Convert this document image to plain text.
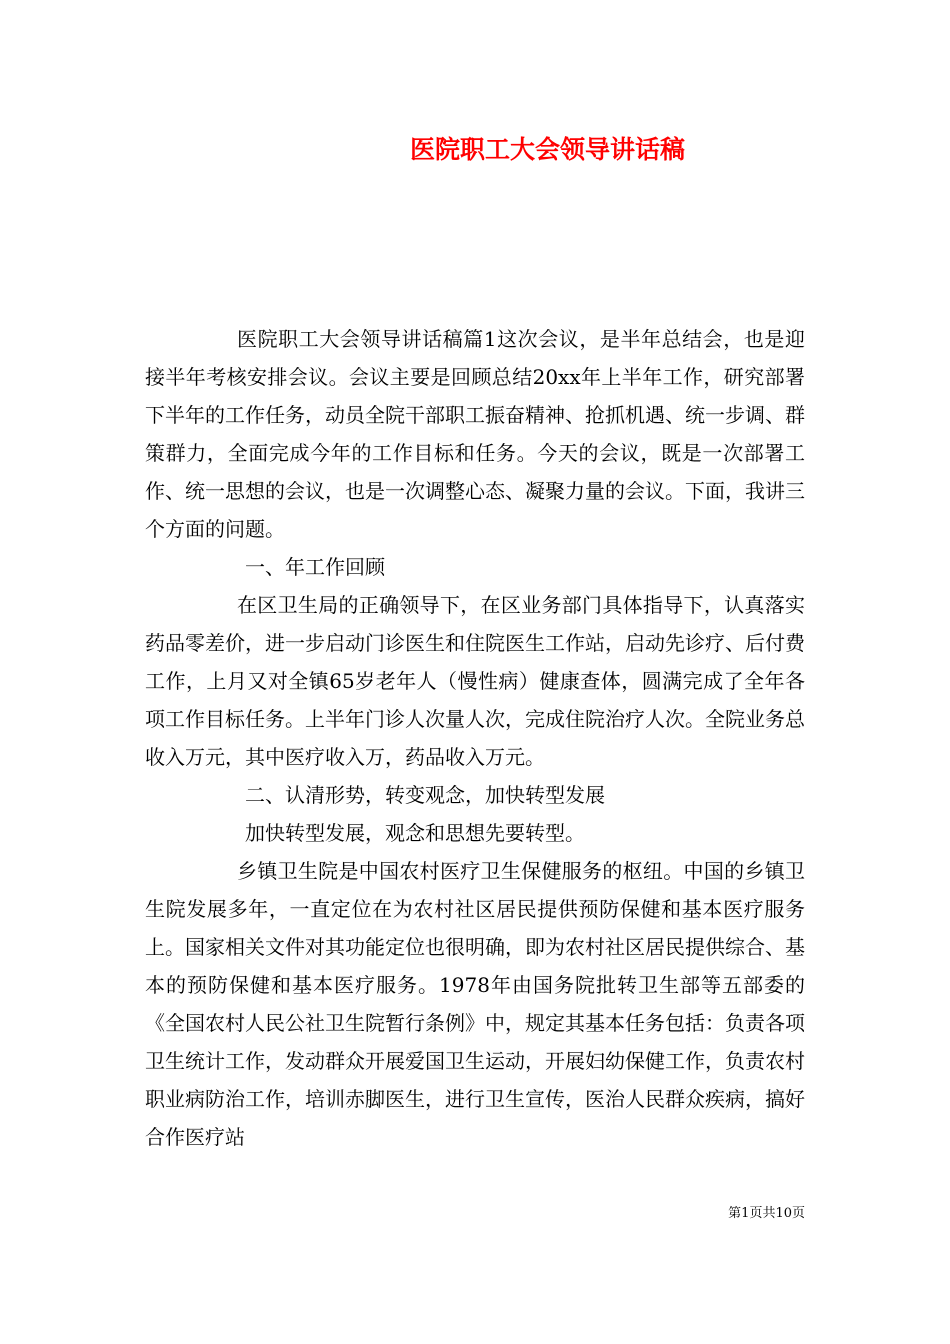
医院职工大会领导讲话稿

医院职工大会领导讲话稿篇1这次会议，是半年总结会，也是迎接半年考核安排会议。会议主要是回顾总结20xx年上半年工作，研究部署下半年的工作任务，动员全院干部职工振奋精神、抢抓机遇、统一步调、群策群力，全面完成今年的工作目标和任务。今天的会议，既是一次部署工作、统一思想的会议，也是一次调整心态、凝聚力量的会议。下面，我讲三个方面的问题。

一、年工作回顾

在区卫生局的正确领导下，在区业务部门具体指导下，认真落实药品零差价，进一步启动门诊医生和住院医生工作站，启动先诊疗、后付费工作，上月又对全镇65岁老年人（慢性病）健康查体，圆满完成了全年各项工作目标任务。上半年门诊人次量人次，完成住院治疗人次。全院业务总收入万元，其中医疗收入万，药品收入万元。

二、认清形势，转变观念，加快转型发展

加快转型发展，观念和思想先要转型。

乡镇卫生院是中国农村医疗卫生保健服务的枢纽。中国的乡镇卫生院发展多年，一直定位在为农村社区居民提供预防保健和基本医疗服务上。国家相关文件对其功能定位也很明确，即为农村社区居民提供综合、基本的预防保健和基本医疗服务。1978年由国务院批转卫生部等五部委的《全国农村人民公社卫生院暂行条例》中，规定其基本任务包括：负责各项卫生统计工作，发动群众开展爱国卫生运动，开展妇幼保健工作，负责农村职业病防治工作，培训赤脚医生，进行卫生宣传，医治人民群众疾病，搞好合作医疗站

第1页共10页
